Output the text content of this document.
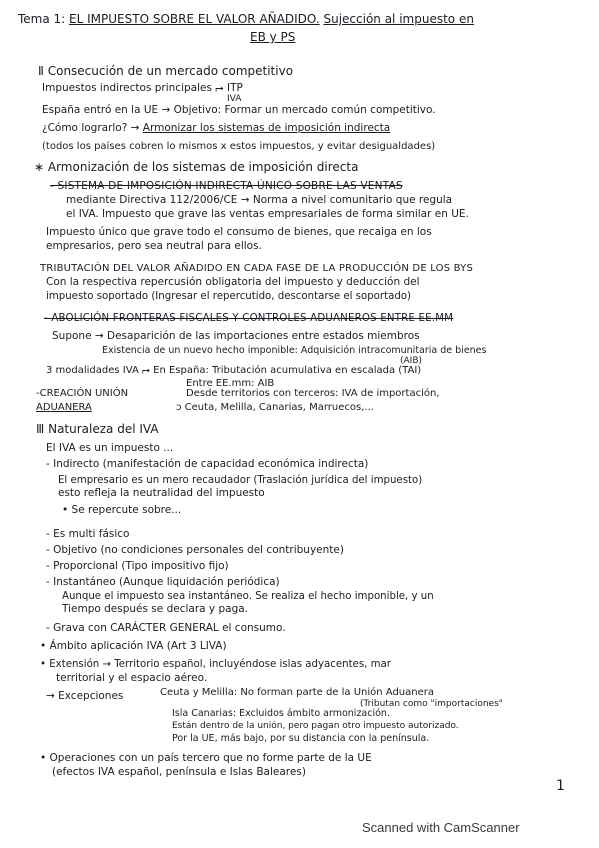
Tema 1: EL IMPUESTO SOBRE EL VALOR AÑADIDO. Sujección al impuesto en
EB y PS
Ⅱ Consecución de un mercado competitivo
Impuestos indirectos principales ⮣ ITP
IVA
España entró en la UE → Objetivo: Formar un mercado común competitivo.
¿Cómo lograrlo? → Armonizar los sistemas de imposición indirecta
(todos los países cobren lo mismos x estos impuestos, y evitar desigualdades)
∗ Armonización de los sistemas de imposición directa
- SISTEMA DE IMPOSICIÓN INDIRECTA ÚNICO SOBRE LAS VENTAS
mediante Directiva 112/2006/CE → Norma a nivel comunitario que regula
el IVA. Impuesto que grave las ventas empresariales de forma similar en UE.
Impuesto único que grave todo el consumo de bienes, que recaiga en los
empresarios, pero sea neutral para ellos.
TRIBUTACIÓN DEL VALOR AÑADIDO EN CADA FASE DE LA PRODUCCIÓN DE LOS BYS
Con la respectiva repercusión obligatoria del impuesto y deducción del
impuesto soportado (Ingresar el repercutido, descontarse el soportado)
- ABOLICIÓN FRONTERAS FISCALES Y CONTROLES ADUANEROS ENTRE EE.MM
Supone → Desaparición de las importaciones entre estados miembros
Existencia de un nuevo hecho imponible: Adquisición intracomunitaria de bienes
(AIB)
3 modalidades IVA ⮣ En España: Tributación acumulativa en escalada (TAI)
Entre EE.mm: AIB
-CREACIÓN UNIÓN	Desde territorios con terceros: IVA de importación,
ADUANERA	ↄ Ceuta, Melilla, Canarias, Marruecos,...
Ⅲ Naturaleza del IVA
El IVA es un impuesto ...
- Indirecto (manifestación de capacidad económica indirecta)
El empresario es un mero recaudador (Traslación jurídica del impuesto)
esto refleja la neutralidad del impuesto
• Se repercute sobre...
- Es multi fásico
- Objetivo (no condiciones personales del contribuyente)
- Proporcional (Tipo impositivo fijo)
- Instantáneo (Aunque liquidación periódica)
Aunque el impuesto sea instantáneo. Se realiza el hecho imponible, y un
Tiempo después se declara y paga.
- Grava con CARÁCTER GENERAL el consumo.
• Ámbito aplicación IVA (Art 3 LIVA)
• Extensión → Territorio español, incluyéndose islas adyacentes, mar
territorial y el espacio aéreo.
→ Excepciones	Ceuta y Melilla: No forman parte de la Unión Aduanera
(Tributan como "importaciones"
Isla Canarias: Excluidos ámbito armonización.
Están dentro de la unión, pero pagan otro impuesto autorizado.
Por la UE, más bajo, por su distancia con la península.
• Operaciones con un país tercero que no forme parte de la UE
(efectos IVA español, península e Islas Baleares)
1
Scanned with CamScanner
